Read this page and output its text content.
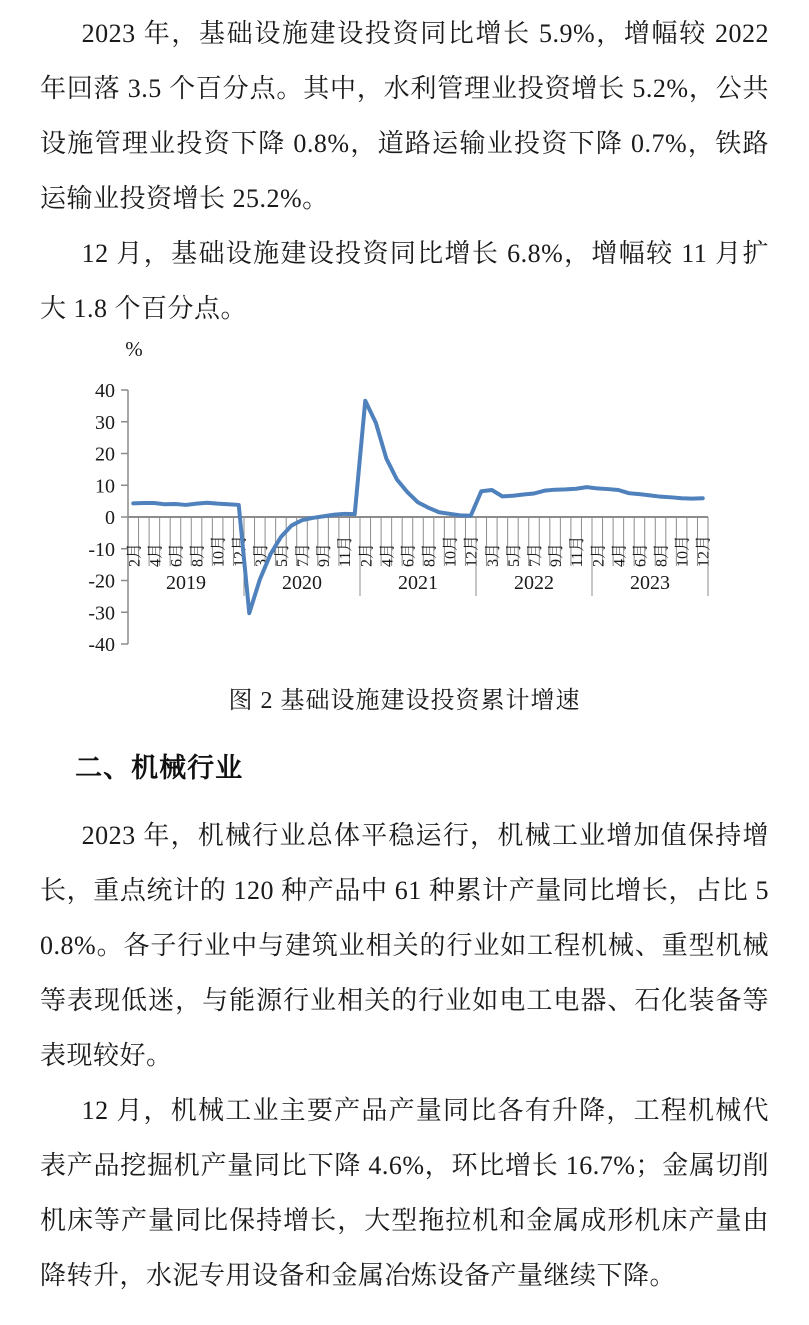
2023 年，基础设施建设投资同比增长 5.9%，增幅较 2022 年回落 3.5 个百分点。其中，水利管理业投资增长 5.2%，公共设施管理业投资下降 0.8%，道路运输业投资下降 0.7%，铁路运输业投资增长 25.2%。

12 月，基础设施建设投资同比增长 6.8%，增幅较 11 月扩大 1.8 个百分点。

%
40
30
20
10
0
-10
-20
-30
-40
2月 4月 6月 8月 10月 12月 3月 5月 7月 9月 11月 2月 4月 6月 8月 10月 12月 3月 5月 7月 9月 11月 2月 4月 6月 8月 10月 12月
2019	2020	2021	2022	2023
图 2 基础设施建设投资累计增速
二、机械行业

2023 年，机械行业总体平稳运行，机械工业增加值保持增长，重点统计的 120 种产品中 61 种累计产量同比增长，占比 50.8%。各子行业中与建筑业相关的行业如工程机械、重型机械等表现低迷，与能源行业相关的行业如电工电器、石化装备等表现较好。

12 月，机械工业主要产品产量同比各有升降，工程机械代表产品挖掘机产量同比下降 4.6%，环比增长 16.7%；金属切削机床等产量同比保持增长，大型拖拉机和金属成形机床产量由降转升，水泥专用设备和金属冶炼设备产量继续下降。
